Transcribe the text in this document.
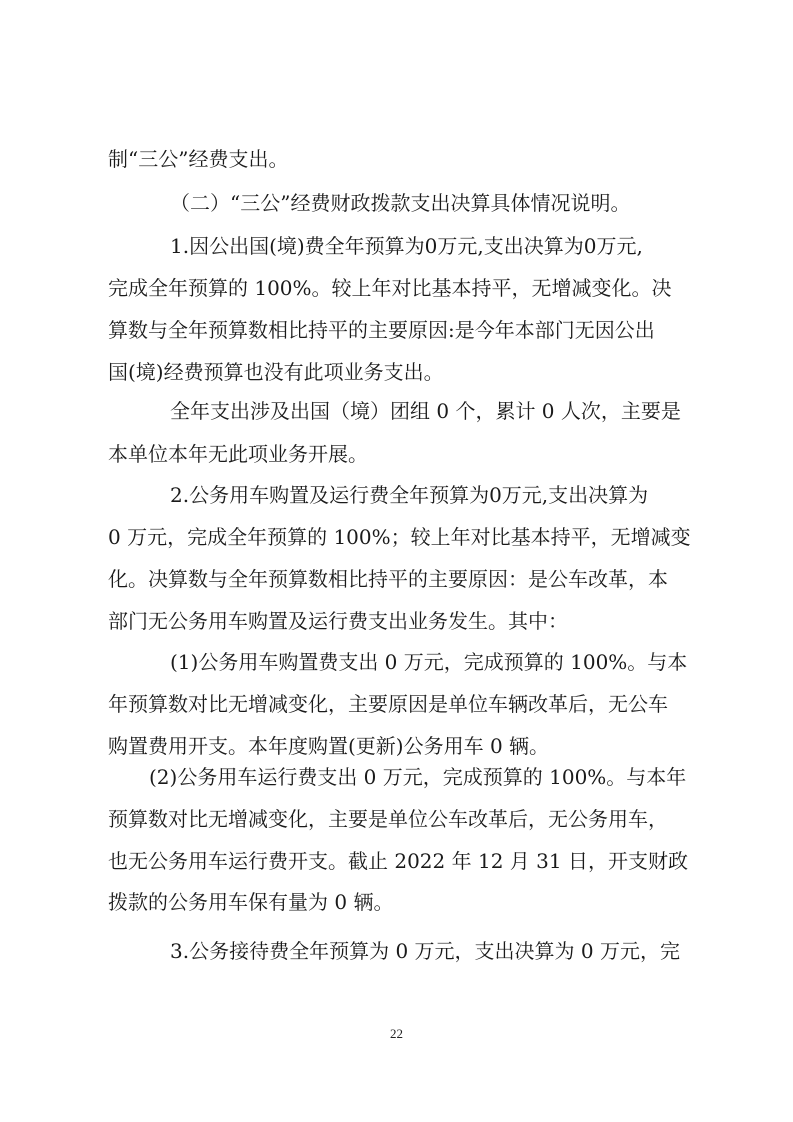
制“三公”经费支出。
（二）“三公”经费财政拨款支出决算具体情况说明。
1.因公出国(境)费全年预算为0万元,支出决算为0万元,
完成全年预算的 100%。较上年对比基本持平，无增减变化。决
算数与全年预算数相比持平的主要原因:是今年本部门无因公出
国(境)经费预算也没有此项业务支出。
全年支出涉及出国（境）团组 0 个，累计 0 人次，主要是
本单位本年无此项业务开展。
2.公务用车购置及运行费全年预算为0万元,支出决算为
0 万元，完成全年预算的 100%；较上年对比基本持平，无增减变
化。决算数与全年预算数相比持平的主要原因：是公车改革，本
部门无公务用车购置及运行费支出业务发生。其中：
(1)公务用车购置费支出 0 万元，完成预算的 100%。与本
年预算数对比无增减变化，主要原因是单位车辆改革后，无公车
购置费用开支。本年度购置(更新)公务用车 0 辆。
(2)公务用车运行费支出 0 万元，完成预算的 100%。与本年
预算数对比无增减变化，主要是单位公车改革后，无公务用车，
也无公务用车运行费开支。截止 2022 年 12 月 31 日，开支财政
拨款的公务用车保有量为 0 辆。
3.公务接待费全年预算为 0 万元，支出决算为 0 万元，完
22
